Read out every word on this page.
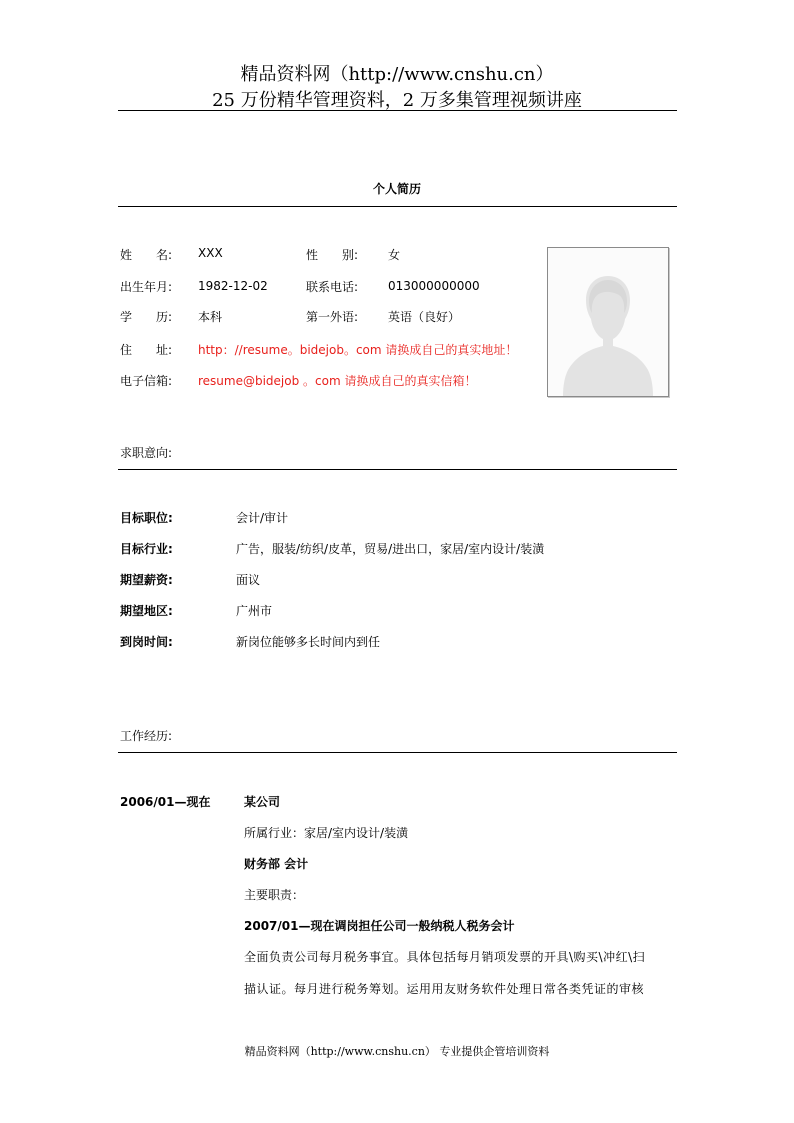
精品资料网（http://www.cnshu.cn）
25 万份精华管理资料，2 万多集管理视频讲座
个人简历
姓　　名: XXX	性　　别: 女
出生年月: 1982-12-02	联系电话: 013000000000
学　　历: 本科	第一外语: 英语（良好）
住　　址: http：//resume。bidejob。com 请换成自己的真实地址！
电子信箱: resume@bidejob 。com 请换成自己的真实信箱！
求职意向:
目标职位:	会计/审计
目标行业:	广告，服装/纺织/皮革，贸易/进出口，家居/室内设计/装潢
期望薪资:	面议
期望地区:	广州市
到岗时间:	新岗位能够多长时间内到任
工作经历:
2006/01—现在	某公司
所属行业：家居/室内设计/装潢
财务部 会计
主要职责：
2007/01—现在调岗担任公司一般纳税人税务会计
全面负责公司每月税务事宜。具体包括每月销项发票的开具\购买\冲红\扫
描认证。每月进行税务筹划。运用用友财务软件处理日常各类凭证的审核
精品资料网（http://www.cnshu.cn） 专业提供企管培训资料
